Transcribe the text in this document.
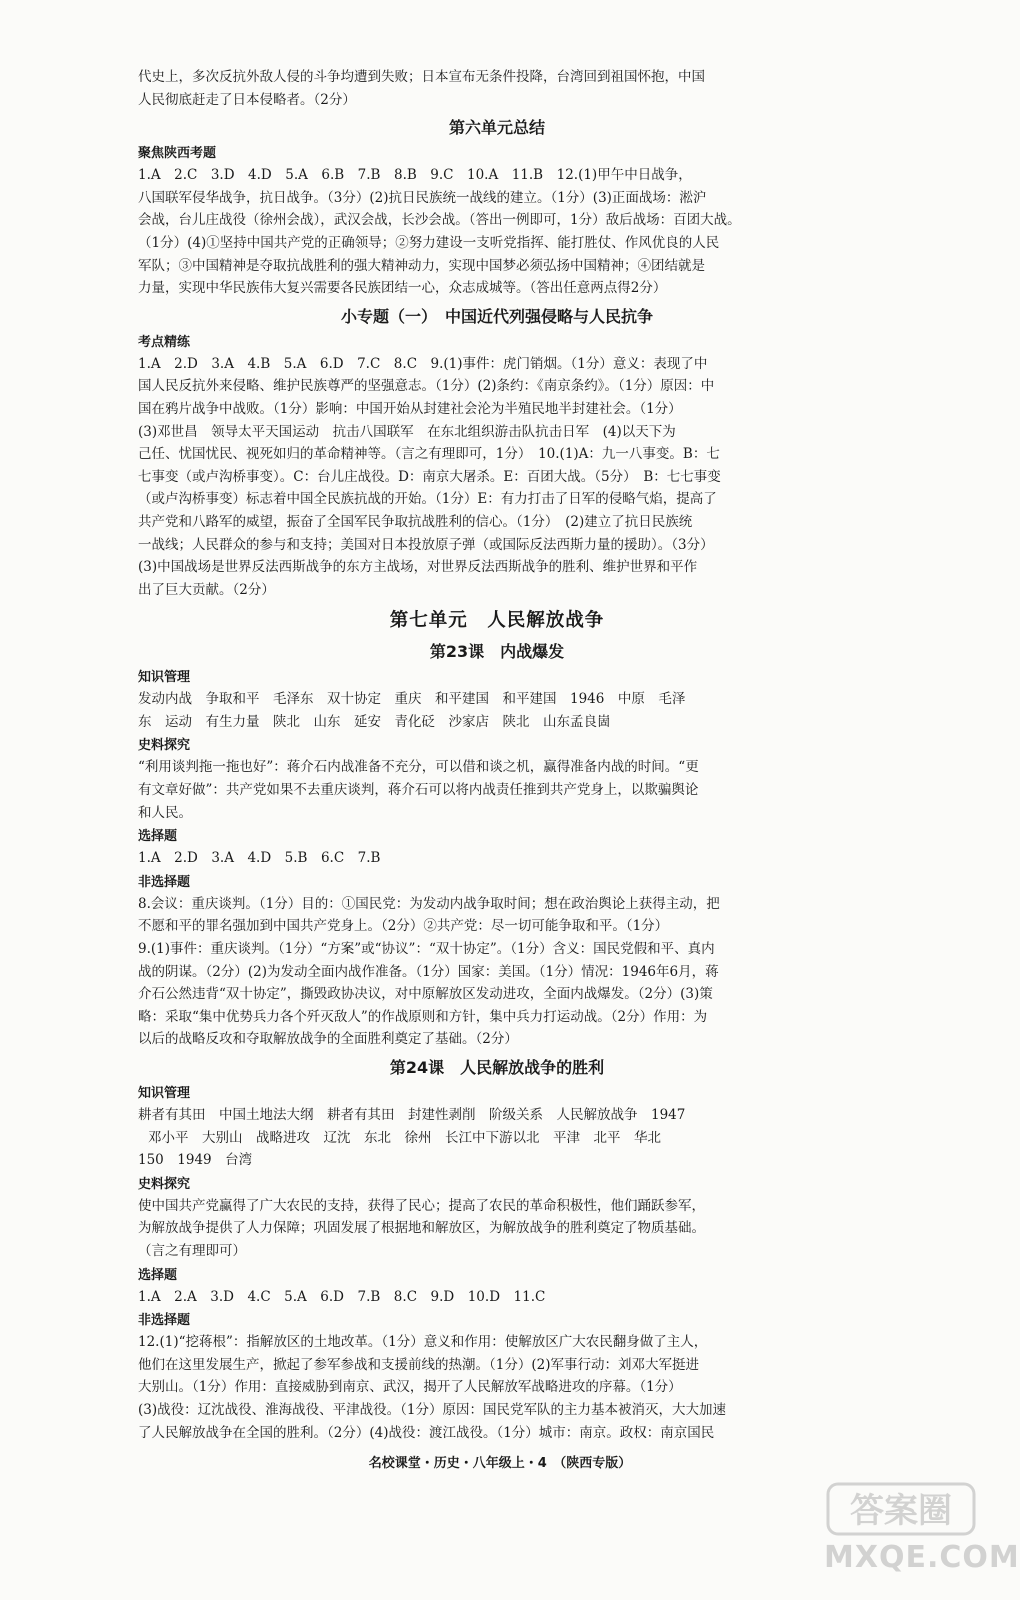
代史上，多次反抗外敌人侵的斗争均遭到失败；日本宣布无条件投降，台湾回到祖国怀抱，中国

人民彻底赶走了日本侵略者。（2分）

第六单元总结
聚焦陕西考题

1.A　2.C　3.D　4.D　5.A　6.B　7.B　8.B　9.C　10.A　11.B　12.(1)甲午中日战争，

八国联军侵华战争，抗日战争。（3分）(2)抗日民族统一战线的建立。（1分）(3)正面战场：淞沪

会战，台儿庄战役（徐州会战），武汉会战，长沙会战。（答出一例即可，1分）敌后战场：百团大战。

（1分）(4)①坚持中国共产党的正确领导；②努力建设一支听党指挥、能打胜仗、作风优良的人民

军队；③中国精神是夺取抗战胜利的强大精神动力，实现中国梦必须弘扬中国精神；④团结就是

力量，实现中华民族伟大复兴需要各民族团结一心，众志成城等。（答出任意两点得2分）

小专题（一）　中国近代列强侵略与人民抗争
考点精练

1.A　2.D　3.A　4.B　5.A　6.D　7.C　8.C　9.(1)事件：虎门销烟。（1分）意义：表现了中

国人民反抗外来侵略、维护民族尊严的坚强意志。（1分）(2)条约：《南京条约》。（1分）原因：中

国在鸦片战争中战败。（1分）影响：中国开始从封建社会沦为半殖民地半封建社会。（1分）

(3)邓世昌　领导太平天国运动　抗击八国联军　在东北组织游击队抗击日军　(4)以天下为

己任、忧国忧民、视死如归的革命精神等。（言之有理即可，1分）　10.(1)A：九一八事变。B：七

七事变（或卢沟桥事变）。C：台儿庄战役。D：南京大屠杀。E：百团大战。（5分）　B：七七事变

（或卢沟桥事变）标志着中国全民族抗战的开始。（1分）E：有力打击了日军的侵略气焰，提高了

共产党和八路军的威望，振奋了全国军民争取抗战胜利的信心。（1分）　(2)建立了抗日民族统

一战线；人民群众的参与和支持；美国对日本投放原子弹（或国际反法西斯力量的援助）。（3分）

(3)中国战场是世界反法西斯战争的东方主战场，对世界反法西斯战争的胜利、维护世界和平作

出了巨大贡献。（2分）

第七单元　人民解放战争
第23课　内战爆发
知识管理

发动内战　争取和平　毛泽东　双十协定　重庆　和平建国　和平建国　1946　中原　毛泽

东　运动　有生力量　陕北　山东　延安　青化砭　沙家店　陕北　山东孟良崮

史料探究

“利用谈判拖一拖也好”：蒋介石内战准备不充分，可以借和谈之机，赢得准备内战的时间。“更

有文章好做”：共产党如果不去重庆谈判，蒋介石可以将内战责任推到共产党身上，以欺骗舆论

和人民。

选择题

1.A　2.D　3.A　4.D　5.B　6.C　7.B

非选择题

8.会议：重庆谈判。（1分）目的：①国民党：为发动内战争取时间；想在政治舆论上获得主动，把

不愿和平的罪名强加到中国共产党身上。（2分）②共产党：尽一切可能争取和平。（1分）

9.(1)事件：重庆谈判。（1分）“方案”或“协议”：“双十协定”。（1分）含义：国民党假和平、真内

战的阴谋。（2分）(2)为发动全面内战作准备。（1分）国家：美国。（1分）情况：1946年6月，蒋

介石公然违背“双十协定”，撕毁政协决议，对中原解放区发动进攻，全面内战爆发。（2分）(3)策

略：采取“集中优势兵力各个歼灭敌人”的作战原则和方针，集中兵力打运动战。（2分）作用：为

以后的战略反攻和夺取解放战争的全面胜利奠定了基础。（2分）

第24课　人民解放战争的胜利
知识管理

耕者有其田　中国土地法大纲　耕者有其田　封建性剥削　阶级关系　人民解放战争　1947

邓小平　大别山　战略进攻　辽沈　东北　徐州　长江中下游以北　平津　北平　华北

150　1949　台湾

史料探究

使中国共产党赢得了广大农民的支持，获得了民心；提高了农民的革命积极性，他们踊跃参军，

为解放战争提供了人力保障；巩固发展了根据地和解放区，为解放战争的胜利奠定了物质基础。

（言之有理即可）

选择题

1.A　2.A　3.D　4.C　5.A　6.D　7.B　8.C　9.D　10.D　11.C

非选择题

12.(1)“挖蒋根”：指解放区的土地改革。（1分）意义和作用：使解放区广大农民翻身做了主人，

他们在这里发展生产，掀起了参军参战和支援前线的热潮。（1分）(2)军事行动：刘邓大军挺进

大别山。（1分）作用：直接威胁到南京、武汉，揭开了人民解放军战略进攻的序幕。（1分）

(3)战役：辽沈战役、淮海战役、平津战役。（1分）原因：国民党军队的主力基本被消灭，大大加速

了人民解放战争在全国的胜利。（2分）(4)战役：渡江战役。（1分）城市：南京。政权：南京国民

名校课堂・历史・八年级上・4　（陕西专版）
答案圈
MXQE.COM
